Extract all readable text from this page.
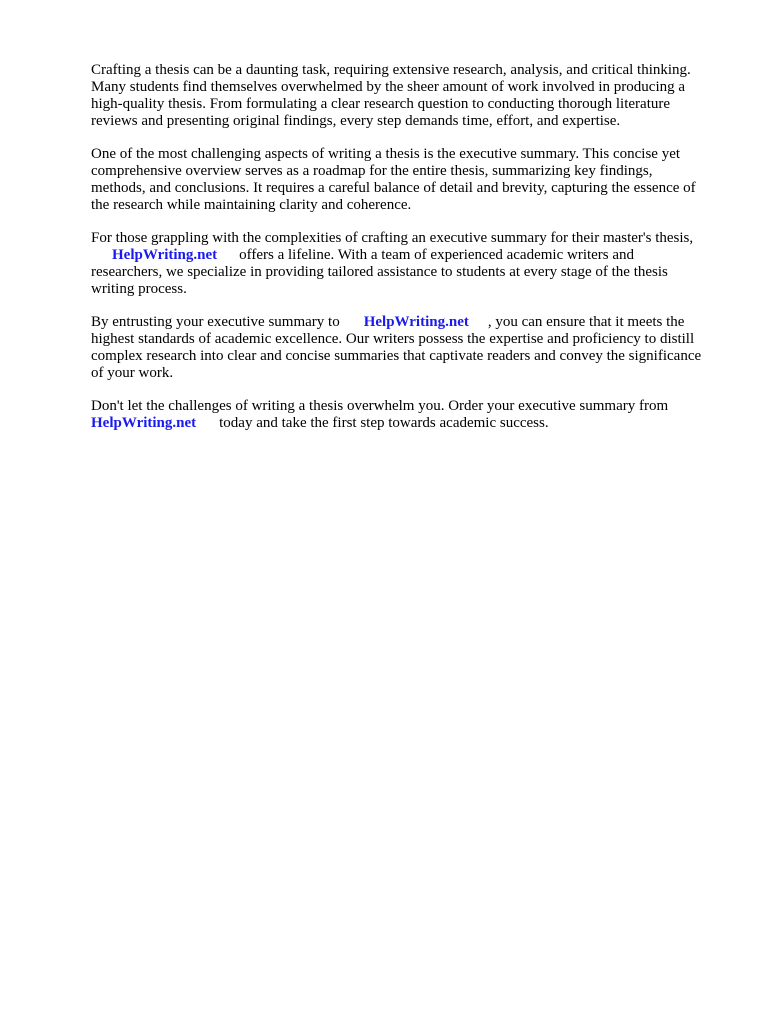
Crafting a thesis can be a daunting task, requiring extensive research, analysis, and critical thinking.
Many students find themselves overwhelmed by the sheer amount of work involved in producing a
high-quality thesis. From formulating a clear research question to conducting thorough literature
reviews and presenting original findings, every step demands time, effort, and expertise.

One of the most challenging aspects of writing a thesis is the executive summary. This concise yet
comprehensive overview serves as a roadmap for the entire thesis, summarizing key findings,
methods, and conclusions. It requires a careful balance of detail and brevity, capturing the essence of
the research while maintaining clarity and coherence.

For those grappling with the complexities of crafting an executive summary for their master's thesis,
HelpWriting.net offers a lifeline. With a team of experienced academic writers and
researchers, we specialize in providing tailored assistance to students at every stage of the thesis
writing process.

By entrusting your executive summary to HelpWriting.net , you can ensure that it meets the
highest standards of academic excellence. Our writers possess the expertise and proficiency to distill
complex research into clear and concise summaries that captivate readers and convey the significance
of your work.

Don't let the challenges of writing a thesis overwhelm you. Order your executive summary from
HelpWriting.net today and take the first step towards academic success.
